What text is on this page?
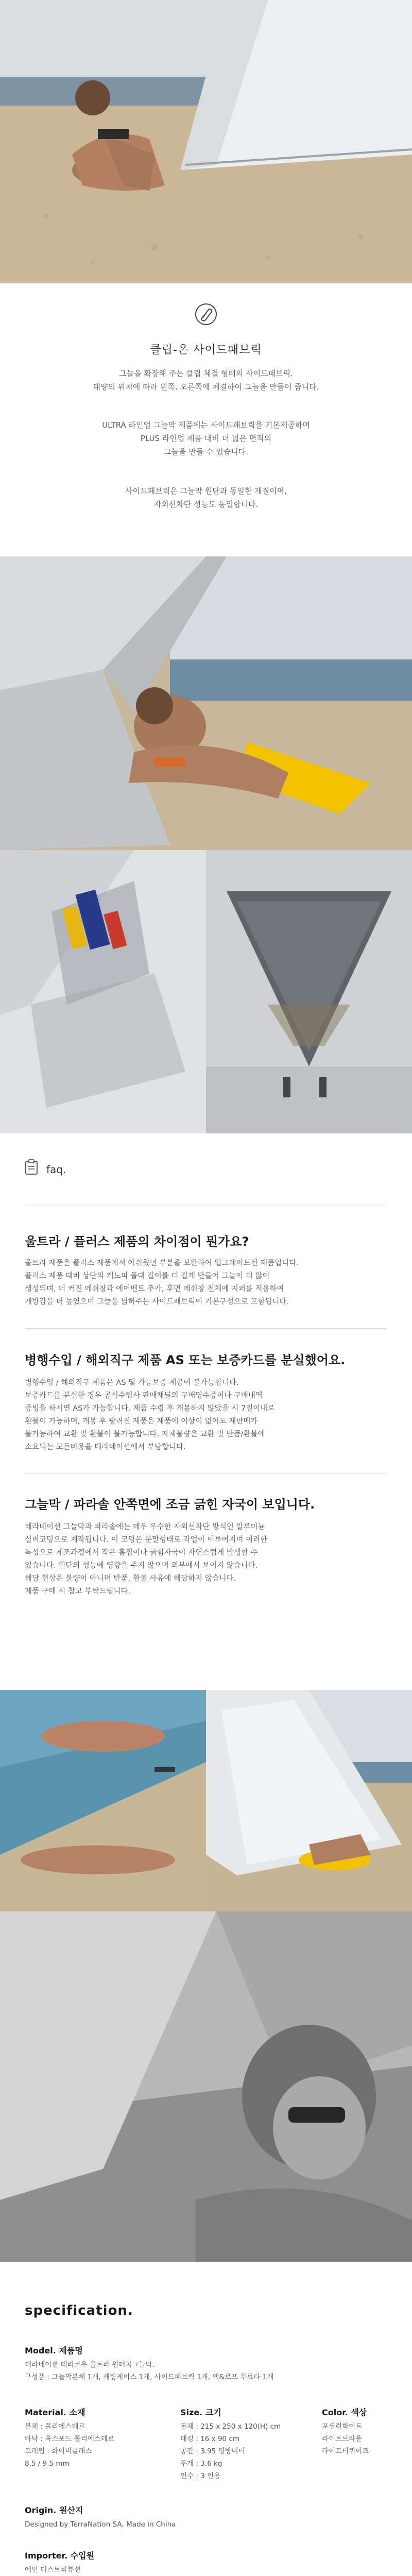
클립-온 사이드패브릭

그늘을 확장해 주는 클립 체결 형태의 사이드패브릭.
태양의 위치에 따라 왼쪽, 오른쪽에 체결하여 그늘을 만들어 줍니다.

ULTRA 라인업 그늘막 제품에는 사이드패브릭을 기본제공하며
PLUS 라인업 제품 대비 더 넓은 면적의
그늘을 만들 수 있습니다.

사이드패브릭은 그늘막 원단과 동일한 재질이며,
자외선차단 성능도 동일합니다.

faq.

울트라 / 플러스 제품의 차이점이 뭔가요?

울트라 제품은 플러스 제품에서 아쉬웠던 부분을 보완하여 업그레이드된 제품입니다.
플러스 제품 대비 상단의 캐노피 폴대 길이를 더 길게 만들어 그늘이 더 많이
생성되며, 더 커진 메쉬창과 에어벤트 추가, 후면 메쉬창 전체에 지퍼를 적용하여
개방감을 더 높였으며 그늘을 넓혀주는 사이드패브릭이 기본구성으로 포함됩니다.

병행수입 / 해외직구 제품 AS 또는 보증카드를 분실했어요.

병행수입 / 해외직구 제품은 AS 및 가능보증 제공이 불가능합니다.
보증카드를 분실한 경우 공식수입사 판매채널의 구매영수증이나 구매내역
증빙을 하시면 AS가 가능합니다. 제품 수령 후 개봉하지 않았을 시 7일이내로
환불이 가능하며, 개봉 후 팔려진 제품은 제품에 이상이 없어도 재판매가
불가능하여 교환 및 환불이 불가능합니다. 자체불량은 교환 및 반품/환불에
소요되는 모든비용을 테라네이션에서 부담합니다.

그늘막 / 파라솔 안쪽면에 조금 긁힌 자국이 보입니다.

테라네이션 그늘막과 파라솔에는 매우 우수한 자외선차단 방식인 알루미늄
실버코팅으로 제작됩니다. 이 코팅은 분말형태로 작업이 이루어지며 이러한
특성으로 제조과정에서 작은 흠집이나 긁힘자국이 자연스럽게 발생할 수
있습니다. 원단의 성능에 영향을 주지 않으며 외부에서 보이지 않습니다.
해당 현상은 불량이 아니며 반품, 환불 사유에 해당하지 않습니다.
제품 구매 시 참고 부탁드립니다.

specification.

Model. 제품명

테라네이션 테라코우 울트라 원터치그늘막.
구성품 : 그늘막본체 1개, 캐링케이스 1개, 사이드패브릭 1개, 팩&로프 무료타 1개

Material. 소재

본체 : 폴리에스테르
바닥 : 옥스포드 폴리에스테르
프레임 : 화이버글래스
8.5 / 9.5 mm

Size. 크기

본체 : 215 x 250 x 120(H) cm
패킹 : 16 x 90 cm
공간 : 3.95 평방미터
무게 : 3.6 kg
인수 : 3 인용

Color. 색상

포셜런화이트
라이트브라운
라이트터쿼이즈

Origin. 원산지

Designed by TerraNation SA, Made in China

Importer. 수입원

에인 디스트리뷰션
